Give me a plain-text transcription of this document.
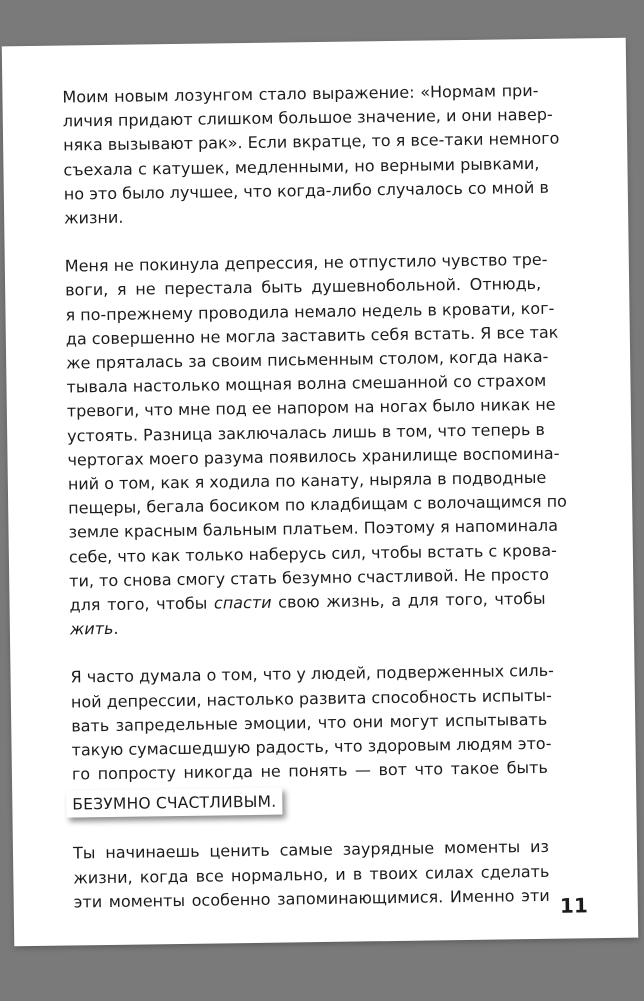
Моим новым лозунгом стало выражение: «Нормам при-
личия придают слишком большое значение, и они навер-
няка вызывают рак». Если вкратце, то я все-таки немного
съехала с катушек, медленными, но верными рывками,
но это было лучшее, что когда-либо случалось со мной в
жизни.
Меня не покинула депрессия, не отпустило чувство тре-
воги, я не перестала быть душевнобольной. Отнюдь,
я по-прежнему проводила немало недель в кровати, ког-
да совершенно не могла заставить себя встать. Я все так
же пряталась за своим письменным столом, когда нака-
тывала настолько мощная волна смешанной со страхом
тревоги, что мне под ее напором на ногах было никак не
устоять. Разница заключалась лишь в том, что теперь в
чертогах моего разума появилось хранилище воспомина-
ний о том, как я ходила по канату, ныряла в подводные
пещеры, бегала босиком по кладбищам с волочащимся по
земле красным бальным платьем. Поэтому я напоминала
себе, что как только наберусь сил, чтобы встать с крова-
ти, то снова смогу стать безумно счастливой. Не просто
для того, чтобы спасти свою жизнь, а для того, чтобы
жить.
Я часто думала о том, что у людей, подверженных силь-
ной депрессии, настолько развита способность испыты-
вать запредельные эмоции, что они могут испытывать
такую сумасшедшую радость, что здоровым людям это-
го попросту никогда не понять — вот что такое быть
БЕЗУМНО СЧАСТЛИВЫМ.
Ты начинаешь ценить самые заурядные моменты из
жизни, когда все нормально, и в твоих силах сделать
эти моменты особенно запоминающимися. Именно эти 11
